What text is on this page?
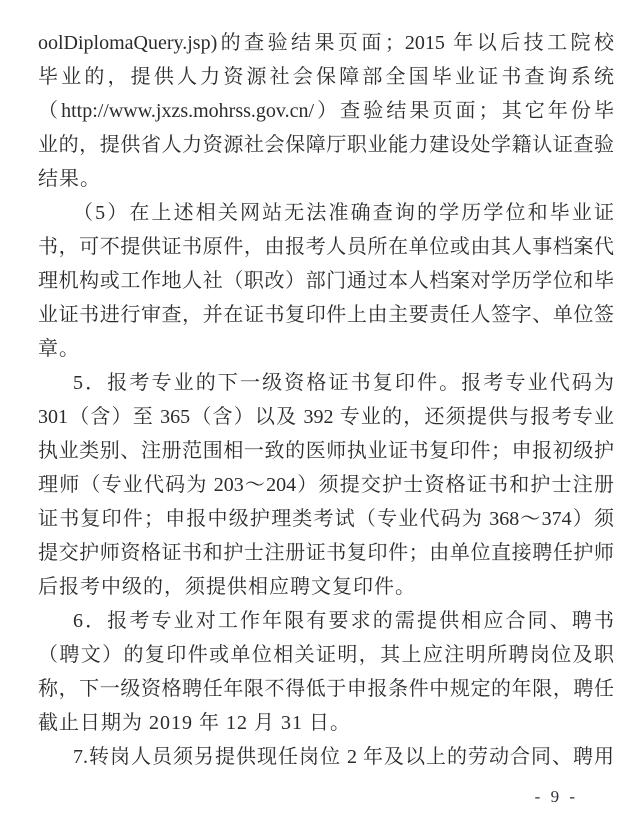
oolDiplomaQuery.jsp)的查验结果页面；2015 年以后技工院校
毕业的，提供人力资源社会保障部全国毕业证书查询系统
（http://www.jxzs.mohrss.gov.cn/）查验结果页面；其它年份毕
业的，提供省人力资源社会保障厅职业能力建设处学籍认证查验
结果。
（5）在上述相关网站无法准确查询的学历学位和毕业证
书，可不提供证书原件，由报考人员所在单位或由其人事档案代
理机构或工作地人社（职改）部门通过本人档案对学历学位和毕
业证书进行审查，并在证书复印件上由主要责任人签字、单位签
章。
5．报考专业的下一级资格证书复印件。报考专业代码为
301（含）至 365（含）以及 392 专业的，还须提供与报考专业
执业类别、注册范围相一致的医师执业证书复印件；申报初级护
理师（专业代码为 203～204）须提交护士资格证书和护士注册
证书复印件；申报中级护理类考试（专业代码为 368～374）须
提交护师资格证书和护士注册证书复印件；由单位直接聘任护师
后报考中级的，须提供相应聘文复印件。
6．报考专业对工作年限有要求的需提供相应合同、聘书
（聘文）的复印件或单位相关证明，其上应注明所聘岗位及职
称，下一级资格聘任年限不得低于申报条件中规定的年限，聘任
截止日期为 2019 年 12 月 31 日。
7.转岗人员须另提供现任岗位 2 年及以上的劳动合同、聘用
- 9 -
